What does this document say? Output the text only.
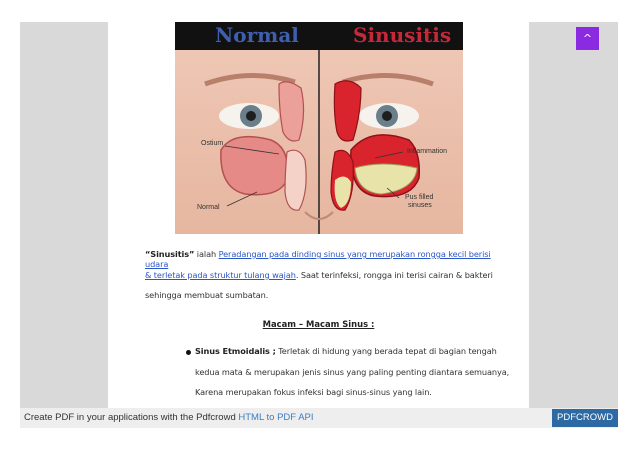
Normal	Sinusitis
Ostium
Normal
Inflammation
Pus filled
sinuses
“Sinusitis” ialah Peradangan pada dinding sinus yang merupakan rongga kecil berisi udara
& terletak pada struktur tulang wajah. Saat terinfeksi, rongga ini terisi cairan & bakteri
sehingga membuat sumbatan.
Macam – Macam Sinus :
Sinus Etmoidalis ; Terletak di hidung yang berada tepat di bagian tengah
kedua mata & merupakan jenis sinus yang paling penting diantara semuanya,
Karena merupakan fokus infeksi bagi sinus-sinus yang lain.
^
Create PDF in your applications with the Pdfcrowd HTML to PDF API	PDFCROWD
